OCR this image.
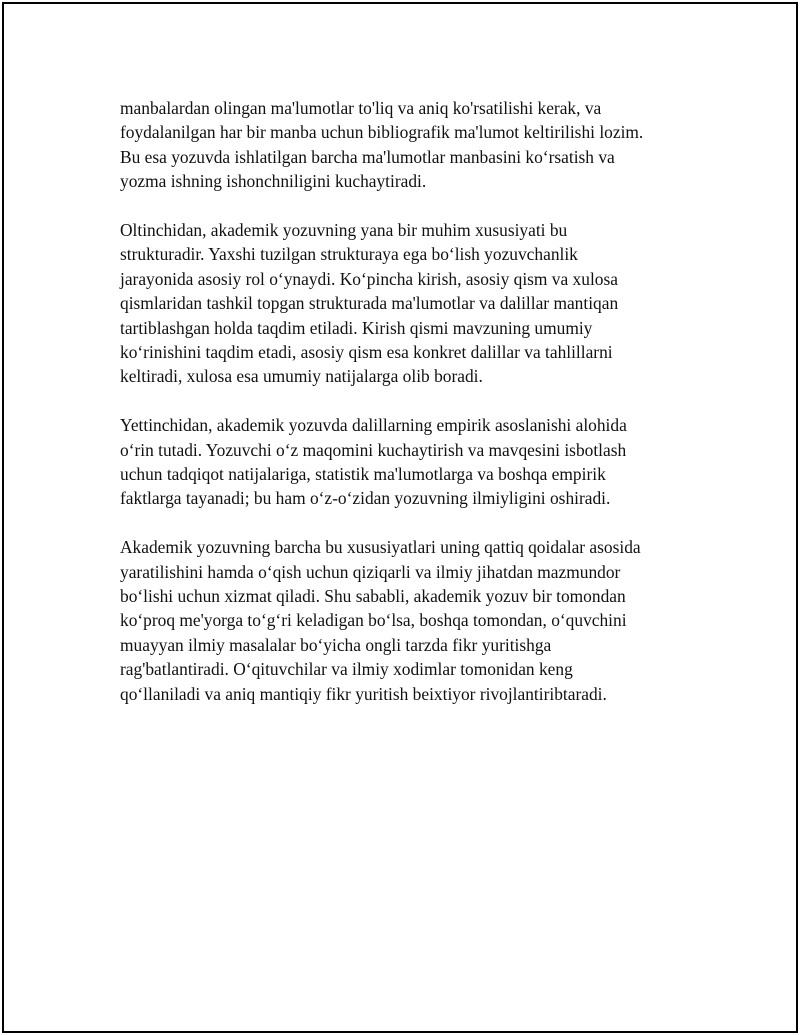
manbalardan olingan ma'lumotlar to'liq va aniq ko'rsatilishi kerak, va
foydalanilgan har bir manba uchun bibliografik ma'lumot keltirilishi lozim.
Bu esa yozuvda ishlatilgan barcha ma'lumotlar manbasini koʻrsatish va
yozma ishning ishonchniligini kuchaytiradi.

Oltinchidan, akademik yozuvning yana bir muhim xususiyati bu
strukturadir. Yaxshi tuzilgan strukturaya ega boʻlish yozuvchanlik
jarayonida asosiy rol oʻynaydi. Koʻpincha kirish, asosiy qism va xulosa
qismlaridan tashkil topgan strukturada ma'lumotlar va dalillar mantiqan
tartiblashgan holda taqdim etiladi. Kirish qismi mavzuning umumiy
koʻrinishini taqdim etadi, asosiy qism esa konkret dalillar va tahlillarni
keltiradi, xulosa esa umumiy natijalarga olib boradi.

Yettinchidan, akademik yozuvda dalillarning empirik asoslanishi alohida
oʻrin tutadi. Yozuvchi oʻz maqomini kuchaytirish va mavqesini isbotlash
uchun tadqiqot natijalariga, statistik ma'lumotlarga va boshqa empirik
faktlarga tayanadi; bu ham oʻz-oʻzidan yozuvning ilmiyligini oshiradi.

Akademik yozuvning barcha bu xususiyatlari uning qattiq qoidalar asosida
yaratilishini hamda oʻqish uchun qiziqarli va ilmiy jihatdan mazmundor
boʻlishi uchun xizmat qiladi. Shu sababli, akademik yozuv bir tomondan
koʻproq me'yorga toʻgʻri keladigan boʻlsa, boshqa tomondan, oʻquvchini
muayyan ilmiy masalalar boʻyicha ongli tarzda fikr yuritishga
rag'batlantiradi. Oʻqituvchilar va ilmiy xodimlar tomonidan keng
qoʻllaniladi va aniq mantiqiy fikr yuritish beixtiyor rivojlantiribtaradi.
